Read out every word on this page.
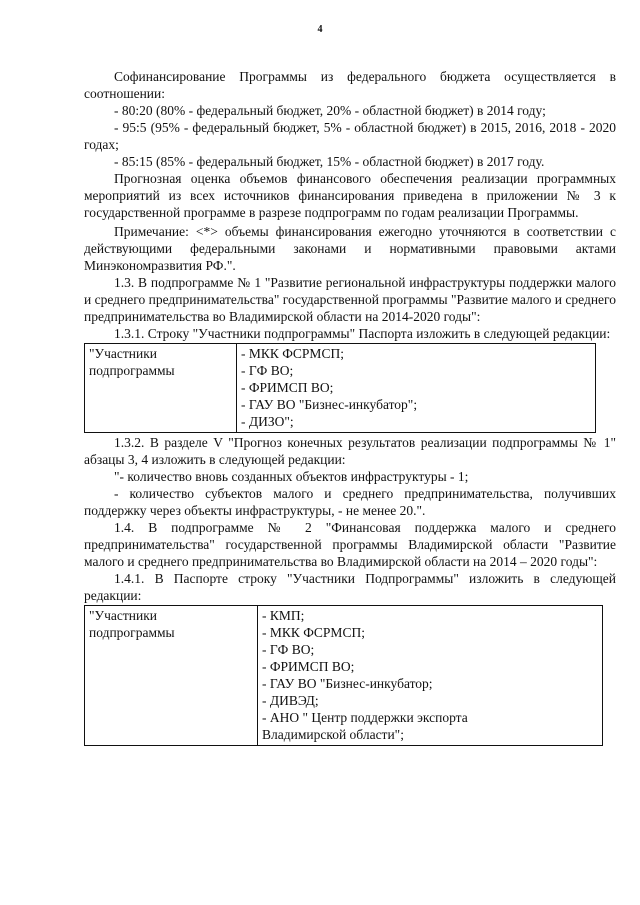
4

Софинансирование Программы из федерального бюджета осуществляется в соотношении:

- 80:20 (80% - федеральный бюджет, 20% - областной бюджет) в 2014 году;

- 95:5 (95% - федеральный бюджет, 5% - областной бюджет) в 2015, 2016, 2018 - 2020 годах;

- 85:15 (85% - федеральный бюджет, 15% - областной бюджет) в 2017 году.

Прогнозная оценка объемов финансового обеспечения реализации программных мероприятий из всех источников финансирования приведена в приложении № 3 к государственной программе в разрезе подпрограмм по годам реализации Программы.

Примечание: <*> объемы финансирования ежегодно уточняются в соответствии с действующими федеральными законами и нормативными правовыми актами Минэкономразвития РФ.".

1.3. В подпрограмме № 1 "Развитие региональной инфраструктуры поддержки малого и среднего предпринимательства" государственной программы "Развитие малого и среднего предпринимательства во Владимирской области на 2014-2020 годы":

1.3.1. Строку "Участники подпрограммы" Паспорта изложить в следующей редакции:

"Участники
подпрограммы

- МКК ФСРМСП;
- ГФ ВО;
- ФРИМСП ВО;
- ГАУ ВО "Бизнес-инкубатор";
- ДИЗО";

1.3.2. В разделе V "Прогноз конечных результатов реализации подпрограммы № 1" абзацы 3, 4 изложить в следующей редакции:

"- количество вновь созданных объектов инфраструктуры - 1;

- количество субъектов малого и среднего предпринимательства, получивших поддержку через объекты инфраструктуры, - не менее 20.".

1.4. В подпрограмме № 2 "Финансовая поддержка малого и среднего предпринимательства" государственной программы Владимирской области "Развитие малого и среднего предпринимательства во Владимирской области на 2014 – 2020 годы":

1.4.1. В Паспорте строку "Участники Подпрограммы" изложить в следующей редакции:

"Участники
подпрограммы

- КМП;
- МКК ФСРМСП;
- ГФ ВО;
- ФРИМСП ВО;
- ГАУ ВО "Бизнес-инкубатор;
- ДИВЭД;
- АНО " Центр поддержки экспорта
Владимирской области";
